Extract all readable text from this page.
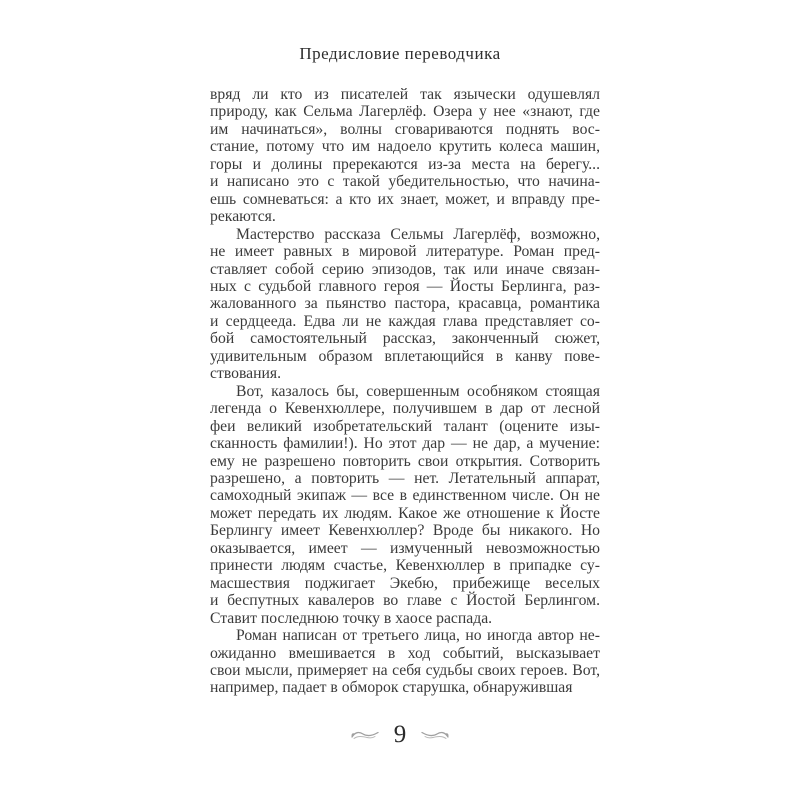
Предисловие переводчика
вряд ли кто из писателей так язычески одушевлял
природу, как Сельма Лагерлёф. Озера у нее «знают, где
им начинаться», волны сговариваются поднять вос-
стание, потому что им надоело крутить колеса машин,
горы и долины пререкаются из-за места на берегу...
и написано это с такой убедительностью, что начина-
ешь сомневаться: а кто их знает, может, и вправду пре-
рекаются.
Мастерство рассказа Сельмы Лагерлёф, возможно,
не имеет равных в мировой литературе. Роман пред-
ставляет собой серию эпизодов, так или иначе связан-
ных с судьбой главного героя — Йосты Берлинга, раз-
жалованного за пьянство пастора, красавца, романтика
и сердцееда. Едва ли не каждая глава представляет со-
бой самостоятельный рассказ, законченный сюжет,
удивительным образом вплетающийся в канву пове-
ствования.
Вот, казалось бы, совершенным особняком стоящая
легенда о Кевенхюллере, получившем в дар от лесной
феи великий изобретательский талант (оцените изы-
сканность фамилии!). Но этот дар — не дар, а мучение:
ему не разрешено повторить свои открытия. Сотворить
разрешено, а повторить — нет. Летательный аппарат,
самоходный экипаж — все в единственном числе. Он не
может передать их людям. Какое же отношение к Йосте
Берлингу имеет Кевенхюллер? Вроде бы никакого. Но
оказывается, имеет — измученный невозможностью
принести людям счастье, Кевенхюллер в припадке су-
масшествия поджигает Экебю, прибежище веселых
и беспутных кавалеров во главе с Йостой Берлингом.
Ставит последнюю точку в хаосе распада.
Роман написан от третьего лица, но иногда автор не-
ожиданно вмешивается в ход событий, высказывает
свои мысли, примеряет на себя судьбы своих героев. Вот,
например, падает в обморок старушка, обнаружившая
9
